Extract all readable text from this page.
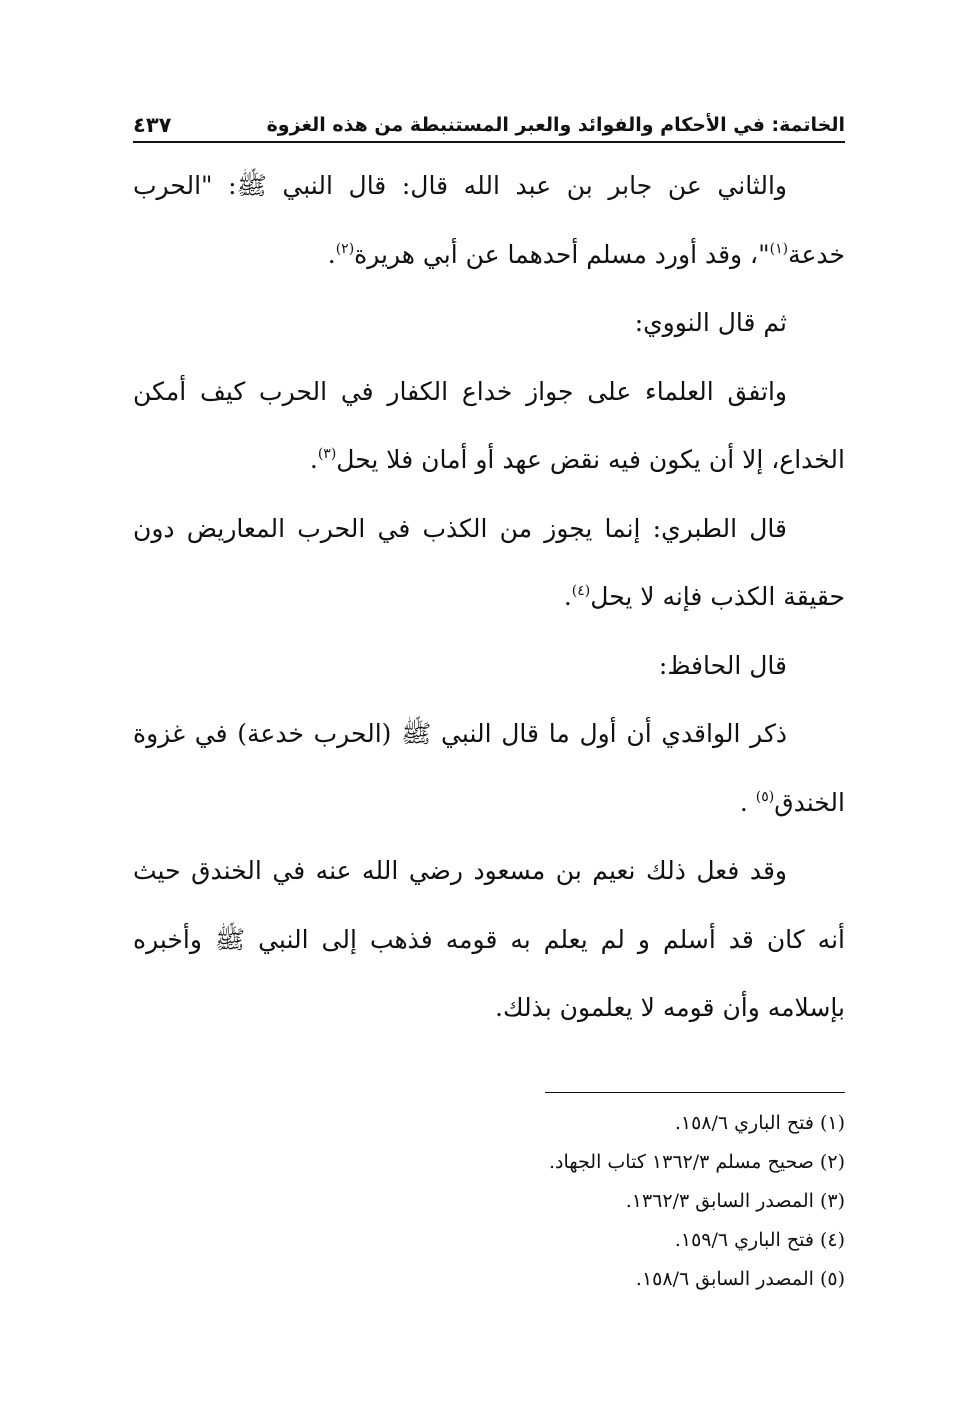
الخاتمة: في الأحكام والفوائد والعبر المستنبطة من هذه الغزوة
٤٣٧

والثاني عن جابر بن عبد الله قال: قال النبي ﷺ: "الحرب خدعة$^{(١)}$"، وقد أورد مسلم أحدهما عن أبي هريرة$^{(٢)}$.

ثم قال النووي:

واتفق العلماء على جواز خداع الكفار في الحرب كيف أمكن الخداع، إلا أن يكون فيه نقض عهد أو أمان فلا يحل$^{(٣)}$.

قال الطبري: إنما يجوز من الكذب في الحرب المعاريض دون حقيقة الكذب فإنه لا يحل$^{(٤)}$.

قال الحافظ:

ذكر الواقدي أن أول ما قال النبي ﷺ (الحرب خدعة) في غزوة الخندق$^{(٥)}$ .

وقد فعل ذلك نعيم بن مسعود رضي الله عنه في الخندق حيث أنه كان قد أسلم و لم يعلم به قومه فذهب إلى النبي ﷺ وأخبره بإسلامه وأن قومه لا يعلمون بذلك.

(١) فتح الباري ١٥٨/٦.

(٢) صحيح مسلم ١٣٦٢/٣ كتاب الجهاد.

(٣) المصدر السابق ١٣٦٢/٣.

(٤) فتح الباري ١٥٩/٦.

(٥) المصدر السابق ١٥٨/٦.
